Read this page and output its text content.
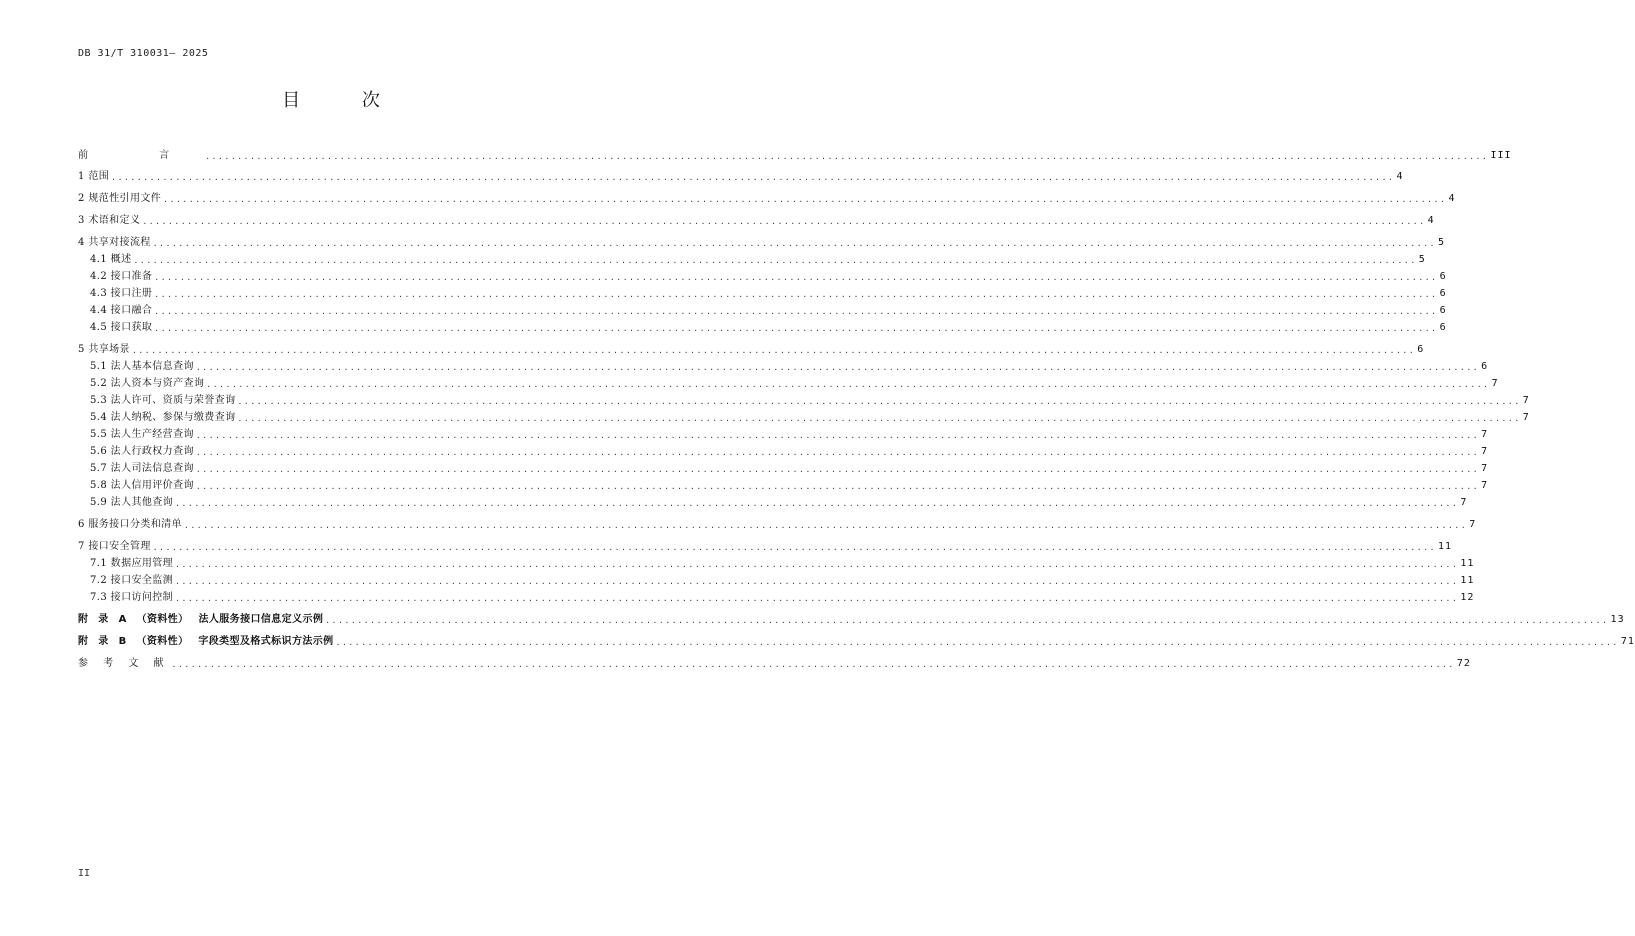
DB 31/T 310031— 2025
目 次
前 言 ........................................................................................................................................................................................................ III
1 范围 ........................................................................................................................................................................................................ 4
2 规范性引用文件 ........................................................................................................................................................................................................ 4
3 术语和定义 ........................................................................................................................................................................................................ 4
4 共享对接流程 ........................................................................................................................................................................................................ 5
4.1 概述 ........................................................................................................................................................................................................ 5
4.2 接口准备 ........................................................................................................................................................................................................ 6
4.3 接口注册 ........................................................................................................................................................................................................ 6
4.4 接口融合 ........................................................................................................................................................................................................ 6
4.5 接口获取 ........................................................................................................................................................................................................ 6
5 共享场景 ........................................................................................................................................................................................................ 6
5.1 法人基本信息查询 ........................................................................................................................................................................................................ 6
5.2 法人资本与资产查询 ........................................................................................................................................................................................................ 7
5.3 法人许可、资质与荣誉查询 ........................................................................................................................................................................................................ 7
5.4 法人纳税、参保与缴费查询 ........................................................................................................................................................................................................ 7
5.5 法人生产经营查询 ........................................................................................................................................................................................................ 7
5.6 法人行政权力查询 ........................................................................................................................................................................................................ 7
5.7 法人司法信息查询 ........................................................................................................................................................................................................ 7
5.8 法人信用评价查询 ........................................................................................................................................................................................................ 7
5.9 法人其他查询 ........................................................................................................................................................................................................ 7
6 服务接口分类和清单 ........................................................................................................................................................................................................ 7
7 接口安全管理 ........................................................................................................................................................................................................ 11
7.1 数据应用管理 ........................................................................................................................................................................................................ 11
7.2 接口安全监测 ........................................................................................................................................................................................................ 11
7.3 接口访问控制 ........................................................................................................................................................................................................ 12
附 录 A （资料性） 法人服务接口信息定义示例 ........................................................................................................................................................................................................ 13
附 录 B （资料性） 字段类型及格式标识方法示例 ........................................................................................................................................................................................................ 71
参 考 文 献 ........................................................................................................................................................................................................ 72
II
